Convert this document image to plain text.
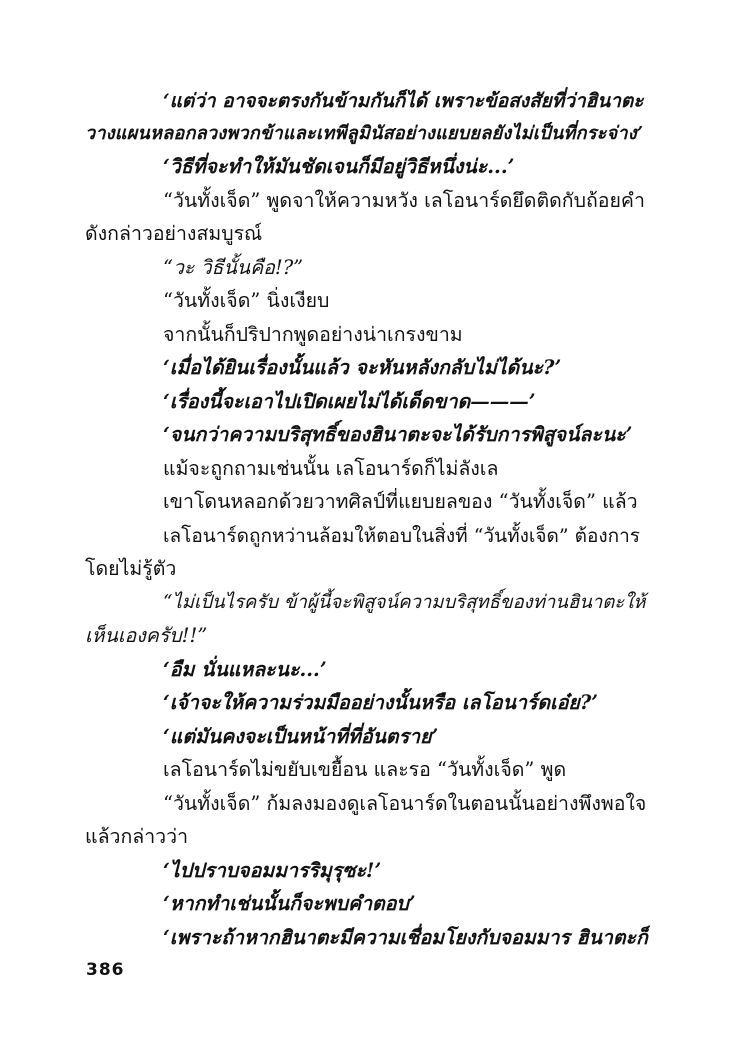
‘แต่ว่า อาจจะตรงกันข้ามกันก็ได้ เพราะข้อสงสัยที่ว่าฮินาตะ
วางแผนหลอกลวงพวกข้าและเทพีลูมินัสอย่างแยบยลยังไม่เป็นที่กระจ่าง’
‘วิธีที่จะทำให้มันชัดเจนก็มีอยู่วิธีหนึ่งน่ะ...’
“วันทั้งเจ็ด” พูดจาให้ความหวัง เลโอนาร์ดยึดติดกับถ้อยคำ
ดังกล่าวอย่างสมบูรณ์
“วะ วิธีนั้นคือ!?”
“วันทั้งเจ็ด” นิ่งเงียบ
จากนั้นก็ปริปากพูดอย่างน่าเกรงขาม
‘เมื่อได้ยินเรื่องนั้นแล้ว จะหันหลังกลับไม่ได้นะ?’
‘เรื่องนี้จะเอาไปเปิดเผยไม่ได้เด็ดขาด———’
‘จนกว่าความบริสุทธิ์ของฮินาตะจะได้รับการพิสูจน์ละนะ’
แม้จะถูกถามเช่นนั้น เลโอนาร์ดก็ไม่ลังเล
เขาโดนหลอกด้วยวาทศิลป์ที่แยบยลของ “วันทั้งเจ็ด” แล้ว
เลโอนาร์ดถูกหว่านล้อมให้ตอบในสิ่งที่ “วันทั้งเจ็ด” ต้องการ
โดยไม่รู้ตัว
“ไม่เป็นไรครับ ข้าผู้นี้จะพิสูจน์ความบริสุทธิ์ของท่านฮินาตะให้
เห็นเองครับ!!”
‘อืม นั่นแหละนะ...’
‘เจ้าจะให้ความร่วมมืออย่างนั้นหรือ เลโอนาร์ดเอ๋ย?’
‘แต่มันคงจะเป็นหน้าที่ที่อันตราย’
เลโอนาร์ดไม่ขยับเขยื้อน และรอ “วันทั้งเจ็ด” พูด
“วันทั้งเจ็ด” ก้มลงมองดูเลโอนาร์ดในตอนนั้นอย่างพึงพอใจ
แล้วกล่าวว่า
‘ไปปราบจอมมารริมุรุซะ!’
‘หากทำเช่นนั้นก็จะพบคำตอบ’
‘เพราะถ้าหากฮินาตะมีความเชื่อมโยงกับจอมมาร ฮินาตะก็
386
